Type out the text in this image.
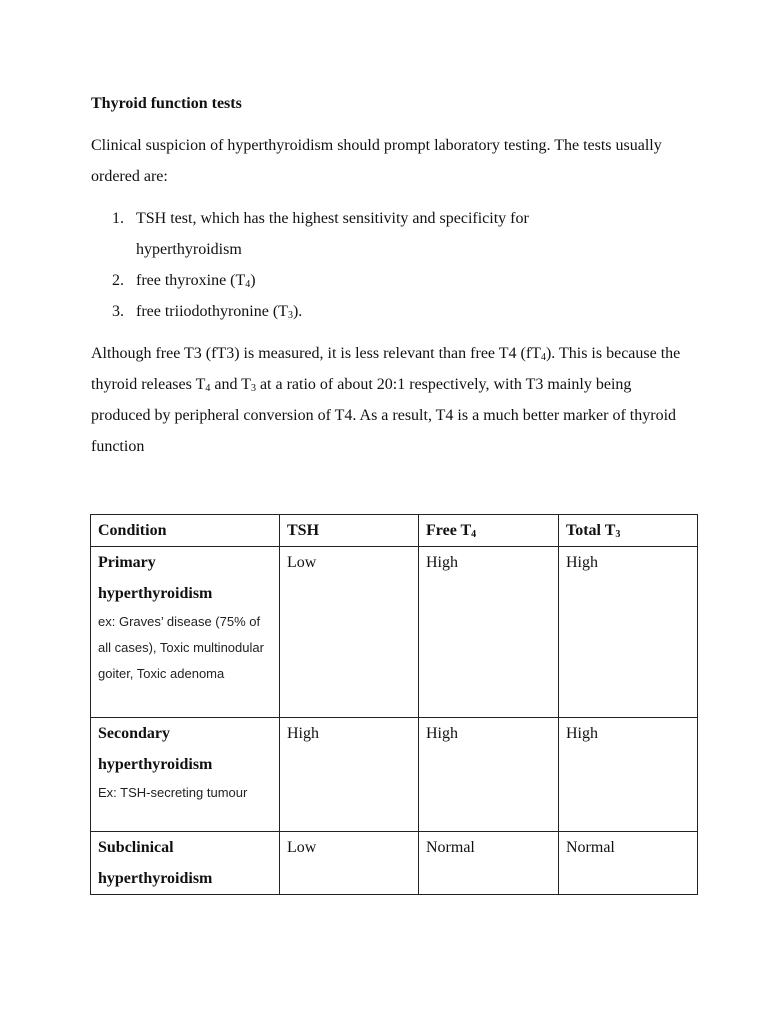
Thyroid function tests
Clinical suspicion of hyperthyroidism should prompt laboratory testing. The tests usually ordered are:
1. TSH test, which has the highest sensitivity and specificity for hyperthyroidism
2. free thyroxine $(T_4)$
3. free triiodothyronine $(T_3)$.
Although free T3 (fT3) is measured, it is less relevant than free T4 $(fT_4)$. This is because the thyroid releases $T_4$ and $T_3$ at a ratio of about 20:1 respectively, with T3 mainly being produced by peripheral conversion of T4. As a result, T4 is a much better marker of thyroid function
Condition	TSH	Free $T_4$	Total $T_3$

Primary hyperthyroidism
ex: Graves’ disease (75% of all cases), Toxic multinodular goiter, Toxic adenoma	Low	High	High

Secondary hyperthyroidism
Ex: TSH-secreting tumour	High	High	High

Subclinical hyperthyroidism	Low	Normal	Normal
